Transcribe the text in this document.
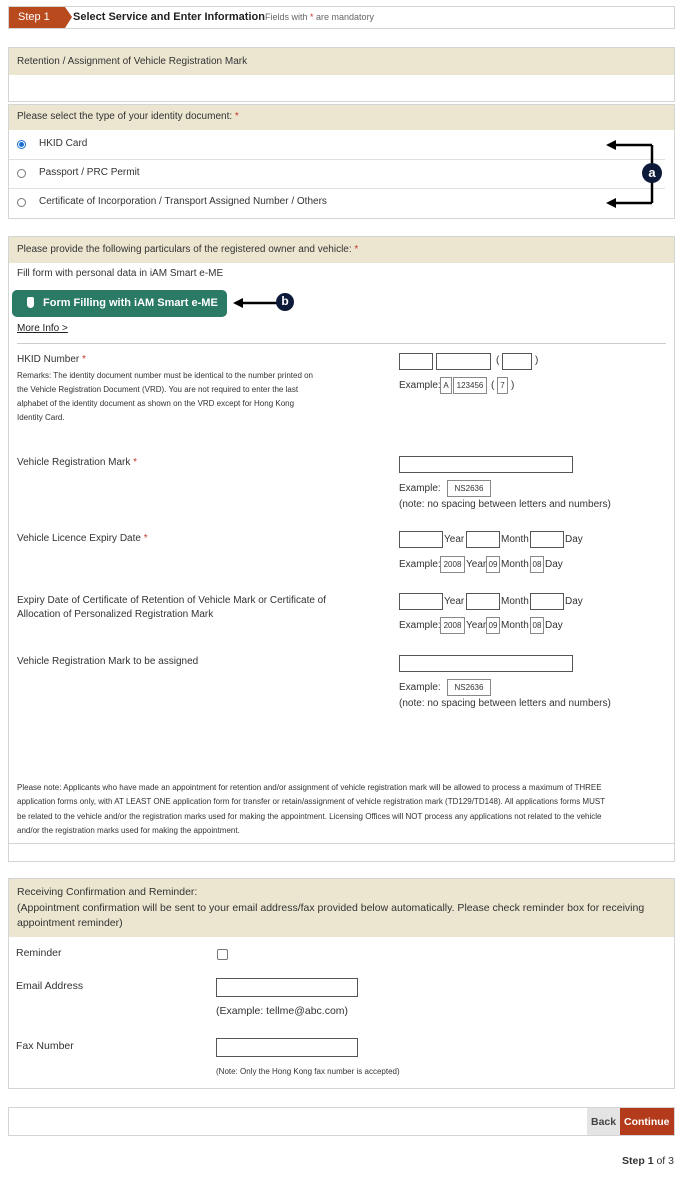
Step 1 Select Service and Enter Information Fields with * are mandatory
Retention / Assignment of Vehicle Registration Mark
Please select the type of your identity document: *
HKID Card
Passport / PRC Permit
Certificate of Incorporation / Transport Assigned Number / Others
a
Please provide the following particulars of the registered owner and vehicle: *
Fill form with personal data in iAM Smart e-ME
Form Filling with iAM Smart e-ME	b
More Info >
HKID Number *
Remarks: The identity document number must be identical to the number printed on
the Vehicle Registration Document (VRD). You are not required to enter the last
alphabet of the identity document as shown on the VRD except for Hong Kong
Identity Card.
(	)
Example: A 123456 ( 7 )
Vehicle Registration Mark *
Example:	NS2636
(note: no spacing between letters and numbers)
Vehicle Licence Expiry Date *	Year	Month	Day
Example: 2008 Year 09 Month 08 Day
Expiry Date of Certificate of Retention of Vehicle Mark or Certificate of
Allocation of Personalized Registration Mark
Year	Month	Day
Example: 2008 Year 09 Month 08 Day
Vehicle Registration Mark to be assigned
Example:	NS2636
(note: no spacing between letters and numbers)
Please note: Applicants who have made an appointment for retention and/or assignment of vehicle registration mark will be allowed to process a maximum of THREE
application forms only, with AT LEAST ONE application form for transfer or retain/assignment of vehicle registration mark (TD129/TD148). All applications forms MUST
be related to the vehicle and/or the registration marks used for making the appointment. Licensing Offices will NOT process any applications not related to the vehicle
and/or the registration marks used for making the appointment.
Receiving Confirmation and Reminder:
(Appointment confirmation will be sent to your email address/fax provided below automatically. Please check reminder box for receiving
appointment reminder)
Reminder
Email Address
(Example: tellme@abc.com)
Fax Number
(Note: Only the Hong Kong fax number is accepted)
Back Continue
Step 1 of 3
